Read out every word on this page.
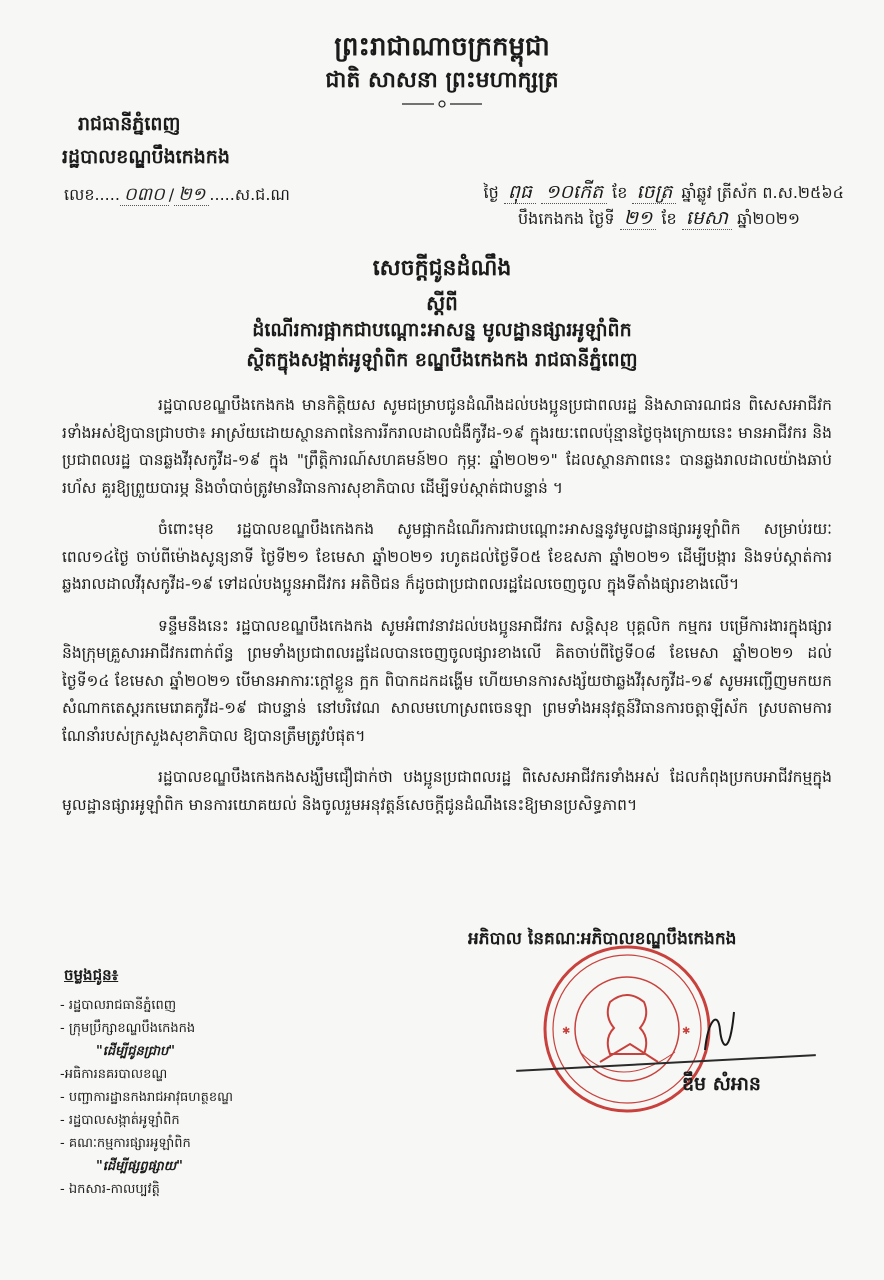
ព្រះរាជាណាចក្រកម្ពុជា
ជាតិ សាសនា ព្រះមហាក្សត្រ
រាជធានីភ្នំពេញ
រដ្ឋបាលខណ្ឌបឹងកេងកង
លេខ..... ០៣០ / ២១ .....ស.ជ.ណ	ថ្ងៃ ពុធ ១០កើត ខែ ចេត្រ ឆ្នាំឆ្លូវ ត្រីស័ក ព.ស.២៥៦៤
បឹងកេងកង ថ្ងៃទី ២១ ខែ មេសា ឆ្នាំ២០២១
សេចក្ដីជូនដំណឹង
ស្ដីពី
ដំណើរការផ្អាកជាបណ្ដោះអាសន្ន មូលដ្ឋានផ្សារអូឡាំពិក
ស្ថិតក្នុងសង្កាត់អូឡាំពិក ខណ្ឌបឹងកេងកង រាជធានីភ្នំពេញ

រដ្ឋបាលខណ្ឌបឹងកេងកង មានកិត្តិយស សូមជម្រាបជូនដំណឹងដល់បងប្អូនប្រជាពលរដ្ឋ និងសាធារណជន ពិសេសអាជីវករទាំងអស់ឱ្យបានជ្រាបថា៖ អាស្រ័យដោយស្ថានភាពនៃការរីករាលដាលជំងឺកូវីដ-១៩ ក្នុងរយៈពេលប៉ុន្មានថ្ងៃចុងក្រោយនេះ មានអាជីវករ និងប្រជាពលរដ្ឋ បានឆ្លងវីរុសកូវីដ-១៩ ក្នុង "ព្រឹត្តិការណ៍សហគមន៍២០ កុម្ភៈ ឆ្នាំ២០២១" ដែលស្ថានភាពនេះ បានឆ្លងរាលដាលយ៉ាងឆាប់រហ័ស គួរឱ្យព្រួយបារម្ភ និងចាំបាច់ត្រូវមានវិធានការសុខាភិបាល ដើម្បីទប់ស្កាត់ជាបន្ទាន់ ។

ចំពោះមុខ រដ្ឋបាលខណ្ឌបឹងកេងកង សូមផ្អាកដំណើរការជាបណ្ដោះអាសន្ននូវមូលដ្ឋានផ្សារអូឡាំពិក សម្រាប់រយៈពេល១៤ថ្ងៃ ចាប់ពីម៉ោងសូន្យនាទី ថ្ងៃទី២១ ខែមេសា ឆ្នាំ២០២១ រហូតដល់ថ្ងៃទី០៥ ខែឧសភា ឆ្នាំ២០២១ ដើម្បីបង្ការ និងទប់ស្កាត់ការឆ្លងរាលដាលវីរុសកូវីដ-១៩ ទៅដល់បងប្អូនអាជីវករ អតិថិជន ក៏ដូចជាប្រជាពលរដ្ឋដែលចេញចូល ក្នុងទីតាំងផ្សារខាងលើ។

ទន្ទឹមនឹងនេះ រដ្ឋបាលខណ្ឌបឹងកេងកង សូមអំពាវនាវដល់បងប្អូនអាជីវករ សន្តិសុខ បុគ្គលិក កម្មករ បម្រើការងារក្នុងផ្សារ និងក្រុមគ្រួសារអាជីវករពាក់ព័ន្ធ ព្រមទាំងប្រជាពលរដ្ឋដែលបានចេញចូលផ្សារខាងលើ គិតចាប់ពីថ្ងៃទី០៨ ខែមេសា ឆ្នាំ២០២១ ដល់ថ្ងៃទី១៤ ខែមេសា ឆ្នាំ២០២១ បើមានអាការៈក្ដៅខ្លួន ក្អក ពិបាកដកដង្ហើម ហើយមានការសង្ស័យថាឆ្លងវីរុសកូវីដ-១៩ សូមអញ្ជើញមកយកសំណាកតេស្តរកមេរោគកូវីដ-១៩ ជាបន្ទាន់ នៅបរិវេណ សាលមហោស្រពចេនឡា ព្រមទាំងអនុវត្តន៍វិធានការចត្តាឡីស័ក ស្របតាមការណែនាំរបស់ក្រសួងសុខាភិបាល ឱ្យបានត្រឹមត្រូវបំផុត។

រដ្ឋបាលខណ្ឌបឹងកេងកងសង្ឃឹមជឿជាក់ថា បងប្អូនប្រជាពលរដ្ឋ ពិសេសអាជីវករទាំងអស់ ដែលកំពុងប្រកបអាជីវកម្មក្នុងមូលដ្ឋានផ្សារអូឡាំពិក មានការយោគយល់ និងចូលរួមអនុវត្តន៍សេចក្ដីជូនដំណឹងនេះឱ្យមានប្រសិទ្ធភាព។

អភិបាល នៃគណៈអភិបាលខណ្ឌបឹងកេងកង
✱	✱
ឌឹម សំអាន
ចម្លងជូន៖
- រដ្ឋបាលរាជធានីភ្នំពេញ
- ក្រុមប្រឹក្សាខណ្ឌបឹងកេងកង
"ដើម្បីជូនជ្រាប"
-អធិការនគរបាលខណ្ឌ
- បញ្ជាការដ្ឋានកងរាជអាវុធហត្ថខណ្ឌ
- រដ្ឋបាលសង្កាត់អូឡាំពិក
- គណៈកម្មការផ្សារអូឡាំពិក
"ដើម្បីផ្សព្វផ្សាយ"
- ឯកសារ-កាលប្បវត្តិ
